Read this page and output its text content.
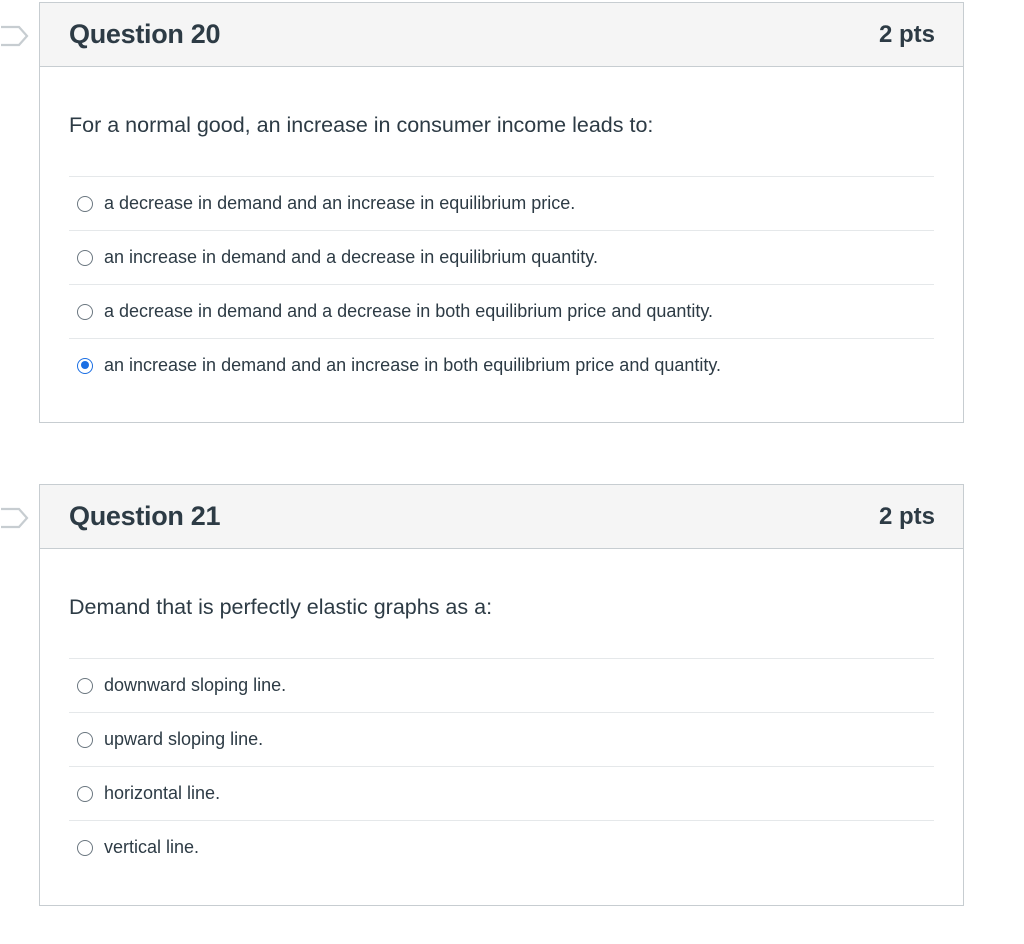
Question 20	2 pts
For a normal good, an increase in consumer income leads to:
a decrease in demand and an increase in equilibrium price.
an increase in demand and a decrease in equilibrium quantity.
a decrease in demand and a decrease in both equilibrium price and quantity.
an increase in demand and an increase in both equilibrium price and quantity.
Question 21	2 pts
Demand that is perfectly elastic graphs as a:
downward sloping line.
upward sloping line.
horizontal line.
vertical line.
